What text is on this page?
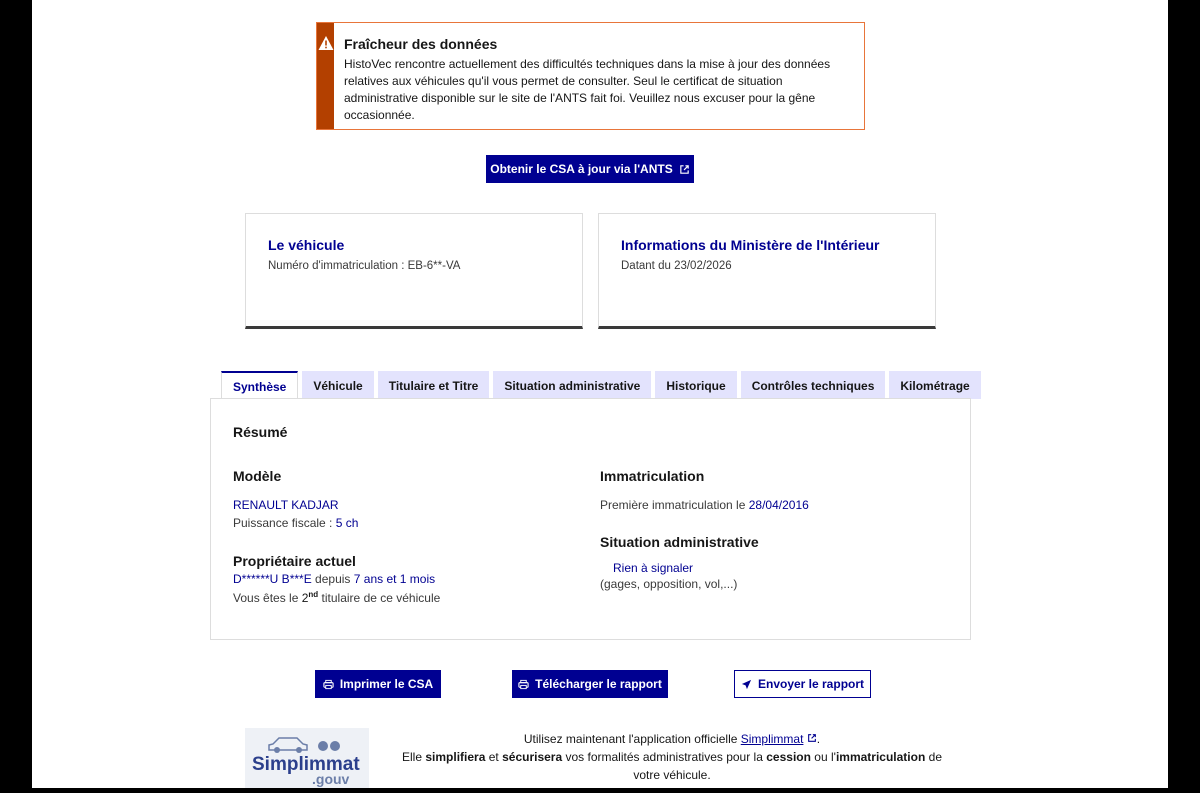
Fraîcheur des données
HistoVec rencontre actuellement des difficultés techniques dans la mise à jour des données relatives aux véhicules qu'il vous permet de consulter. Seul le certificat de situation administrative disponible sur le site de l'ANTS fait foi. Veuillez nous excuser pour la gêne occasionnée.
Obtenir le CSA à jour via l'ANTS
Le véhicule
Numéro d'immatriculation : EB-6**-VA
Informations du Ministère de l'Intérieur
Datant du 23/02/2026
Synthèse	Véhicule	Titulaire et Titre	Situation administrative	Historique	Contrôles techniques	Kilométrage
Résumé
Modèle
RENAULT KADJAR
Puissance fiscale : 5 ch
Propriétaire actuel
D******U B***E depuis 7 ans et 1 mois
Vous êtes le 2nd titulaire de ce véhicule
Immatriculation
Première immatriculation le 28/04/2016
Situation administrative
Rien à signaler
(gages, opposition, vol,...)
Imprimer le CSA	Télécharger le rapport	Envoyer le rapport
Simplimmat
.gouv
Utilisez maintenant l'application officielle Simplimmat .
Elle simplifiera et sécurisera vos formalités administratives pour la cession ou l'immatriculation de votre véhicule.
